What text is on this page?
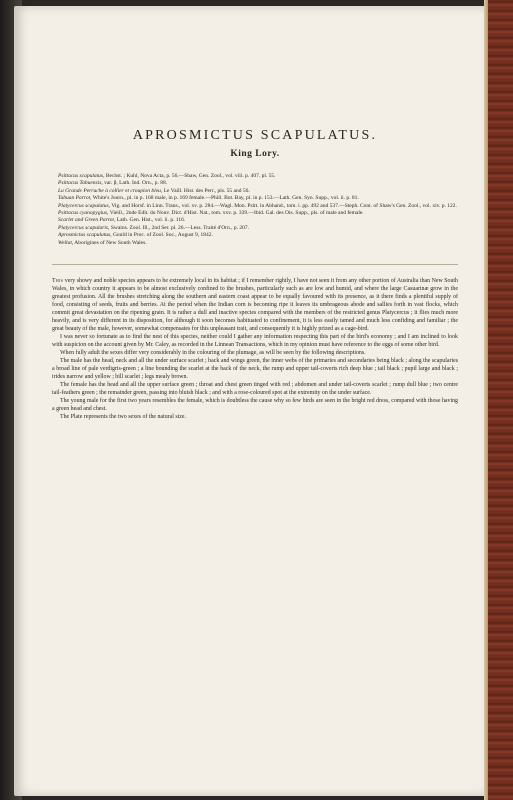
APROSMICTUS SCAPULATUS.
King Lory.
Psittacus scapulatus, Bechst. ; Kuhl, Nova Acta, p. 56.—Shaw, Gen. Zool., vol. viii. p. 407. pl. 55.
Psittacus Tabuensis, var. β, Lath. Ind. Orn., p. 88.
La Grande Perruche à collier et croupion bleu, Le Vaill. Hist. des Perr., pls. 55 and 56.
Tabuan Parrot, White's Journ., pl. in p. 168 male, in p. 169 female.—Phill. Bot. Bay, pl. in p. 153.—Lath. Gen. Syn. Supp., vol. ii. p. 81.
Platycercus scapulatus, Vig. and Horsf. in Linn. Trans., vol. xv. p. 284.—Wagl. Mon. Psitt. in Abhand., tom. i. pp. 492 and 537.—Steph. Cont. of Shaw's Gen. Zool., vol. xiv. p. 122.
Psittacus cyanopygius, Vieill., 2nde Edit. du Nouv. Dict. d'Hist. Nat., tom. xxv. p. 339.—Ibid. Gal. des Ois. Supp., pls. of male and female.
Scarlet and Green Parrot, Lath. Gen. Hist., vol. ii. p. 116.
Platycercus scapularis, Swains. Zool. Ill., 2nd Ser. pl. 26.—Less. Traité d'Orn., p. 207.
Aprosmictus scapulatus, Gould in Proc. of Zool. Soc., August 9, 1842.
Wellat, Aborigines of New South Wales.

This very showy and noble species appears to be extremely local in its habitat ; if I remember rightly, I have not seen it from any other portion of Australia than New South Wales, in which country it appears to be almost exclusively confined to the brushes, particularly such as are low and humid, and where the large Casuarinæ grow in the greatest profusion. All the brushes stretching along the southern and eastern coast appear to be equally favoured with its presence, as it there finds a plentiful supply of food, consisting of seeds, fruits and berries. At the period when the Indian corn is becoming ripe it leaves its umbrageous abode and sallies forth in vast flocks, which commit great devastation on the ripening grain. It is rather a dull and inactive species compared with the members of the restricted genus Platycercus ; it flies much more heavily, and is very different in its disposition, for although it soon becomes habituated to confinement, it is less easily tamed and much less confiding and familiar ; the great beauty of the male, however, somewhat compensates for this unpleasant trait, and consequently it is highly prized as a cage-bird.

I was never so fortunate as to find the nest of this species, neither could I gather any information respecting this part of the bird's economy ; and I am inclined to look with suspicion on the account given by Mr. Caley, as recorded in the Linnean Transactions, which in my opinion must have reference to the eggs of some other bird.

When fully adult the sexes differ very considerably in the colouring of the plumage, as will be seen by the following descriptions.

The male has the head, neck and all the under surface scarlet ; back and wings green, the inner webs of the primaries and secondaries being black ; along the scapularies a broad line of pale verdigris-green ; a line bounding the scarlet at the back of the neck, the rump and upper tail-coverts rich deep blue ; tail black ; pupil large and black ; irides narrow and yellow ; bill scarlet ; legs mealy brown.

The female has the head and all the upper surface green ; throat and chest green tinged with red ; abdomen and under tail-coverts scarlet ; rump dull blue ; two centre tail-feathers green ; the remainder green, passing into bluish black ; and with a rose-coloured spot at the extremity on the under surface.

The young male for the first two years resembles the female, which is doubtless the cause why so few birds are seen in the bright red dress, compared with those having a green head and chest.

The Plate represents the two sexes of the natural size.
